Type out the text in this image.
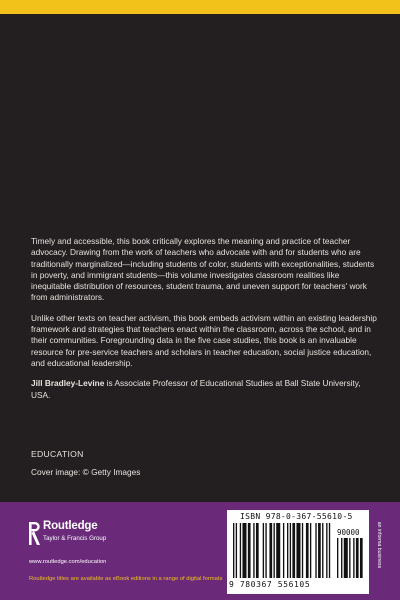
Timely and accessible, this book critically explores the meaning and practice of teacher advocacy. Drawing from the work of teachers who advocate with and for students who are traditionally marginalized—including students of color, students with exceptionalities, students in poverty, and immigrant students—this volume investigates classroom realities like inequitable distribution of resources, student trauma, and uneven support for teachers' work from administrators.

Unlike other texts on teacher activism, this book embeds activism within an existing leadership framework and strategies that teachers enact within the classroom, across the school, and in their communities. Foregrounding data in the five case studies, this book is an invaluable resource for pre-service teachers and scholars in teacher education, social justice education, and educational leadership.

Jill Bradley-Levine is Associate Professor of Educational Studies at Ball State University, USA.

EDUCATION
Cover image: © Getty Images
Routledge
Taylor & Francis Group
www.routledge.com/education
Routledge titles are available as eBook editions in a range of digital formats
ISBN 978-0-367-55610-5
90000
9 780367 556105
an informa business
